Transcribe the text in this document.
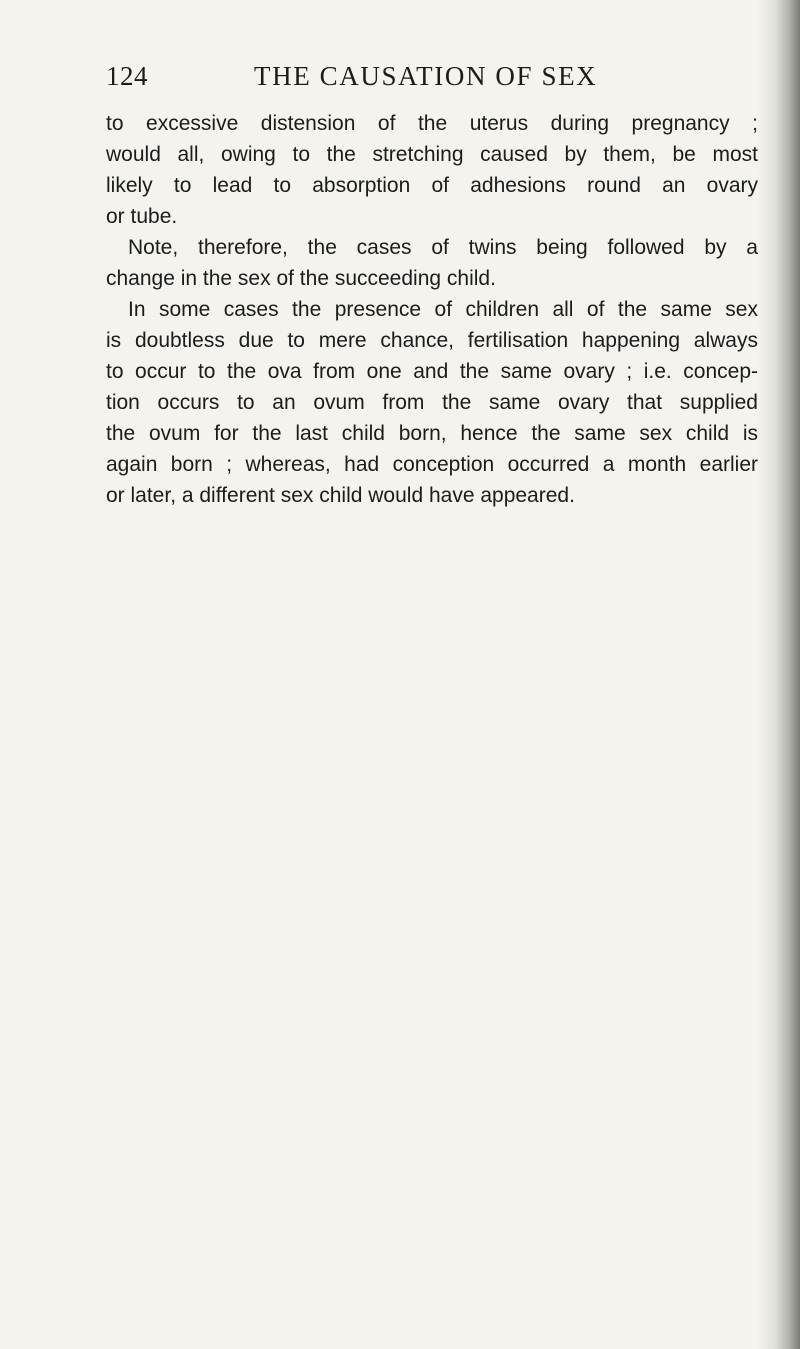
124	THE CAUSATION OF SEX
to excessive distension of the uterus during pregnancy ;
would all, owing to the stretching caused by them, be most
likely to lead to absorption of adhesions round an ovary
or tube.
Note, therefore, the cases of twins being followed by a
change in the sex of the succeeding child.
In some cases the presence of children all of the same sex
is doubtless due to mere chance, fertilisation happening always
to occur to the ova from one and the same ovary ; i.e. concep-
tion occurs to an ovum from the same ovary that supplied
the ovum for the last child born, hence the same sex child is
again born ; whereas, had conception occurred a month earlier
or later, a different sex child would have appeared.
